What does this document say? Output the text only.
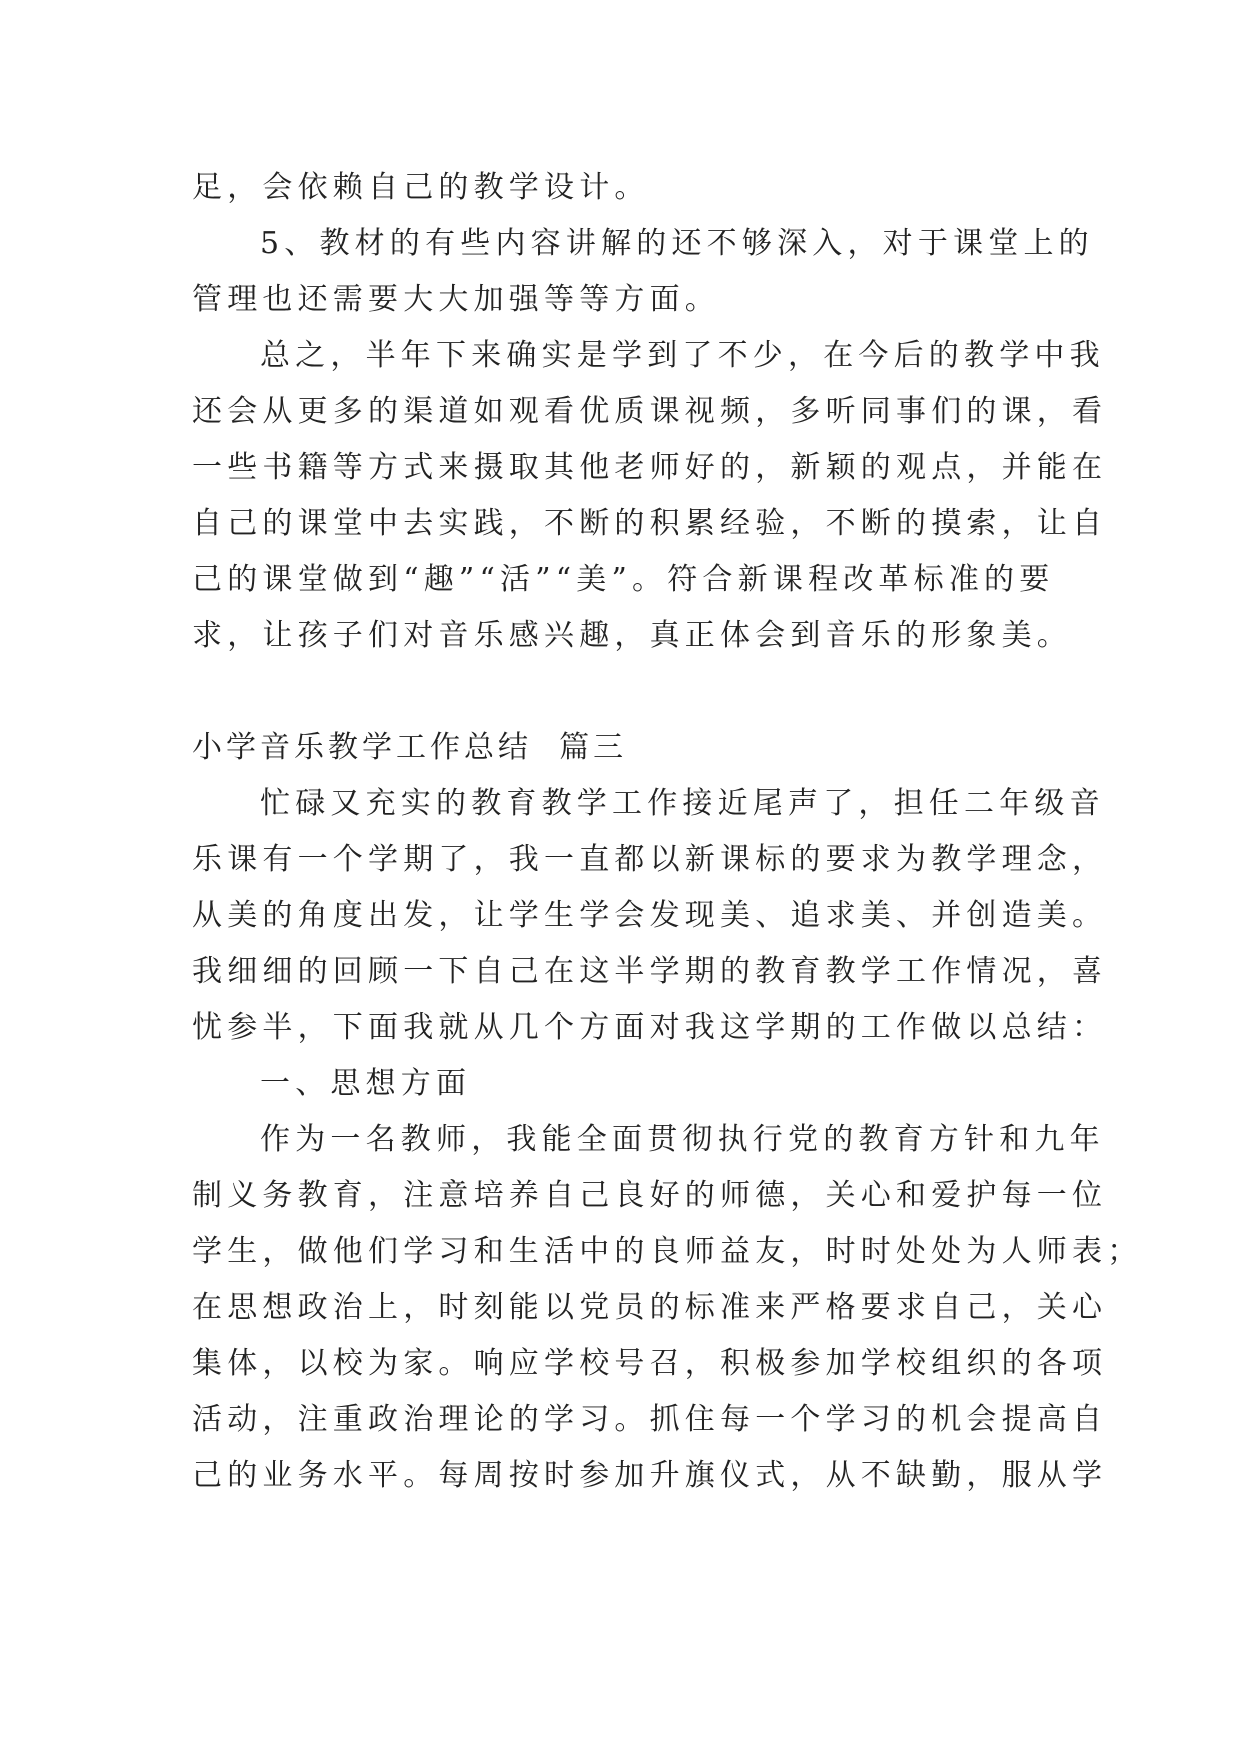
足，会依赖自己的教学设计。

5、教材的有些内容讲解的还不够深入，对于课堂上的

管理也还需要大大加强等等方面。

总之，半年下来确实是学到了不少，在今后的教学中我

还会从更多的渠道如观看优质课视频，多听同事们的课，看

一些书籍等方式来摄取其他老师好的，新颖的观点，并能在

自己的课堂中去实践，不断的积累经验，不断的摸索，让自

己的课堂做到“趣”“活”“美”。符合新课程改革标准的要

求，让孩子们对音乐感兴趣，真正体会到音乐的形象美。

小学音乐教学工作总结  篇三

忙碌又充实的教育教学工作接近尾声了，担任二年级音

乐课有一个学期了，我一直都以新课标的要求为教学理念，

从美的角度出发，让学生学会发现美、追求美、并创造美。

我细细的回顾一下自己在这半学期的教育教学工作情况，喜

忧参半，下面我就从几个方面对我这学期的工作做以总结：

一、思想方面

作为一名教师，我能全面贯彻执行党的教育方针和九年

制义务教育，注意培养自己良好的师德，关心和爱护每一位

学生，做他们学习和生活中的良师益友，时时处处为人师表；

在思想政治上，时刻能以党员的标准来严格要求自己，关心

集体，以校为家。响应学校号召，积极参加学校组织的各项

活动，注重政治理论的学习。抓住每一个学习的机会提高自

己的业务水平。每周按时参加升旗仪式，从不缺勤，服从学
